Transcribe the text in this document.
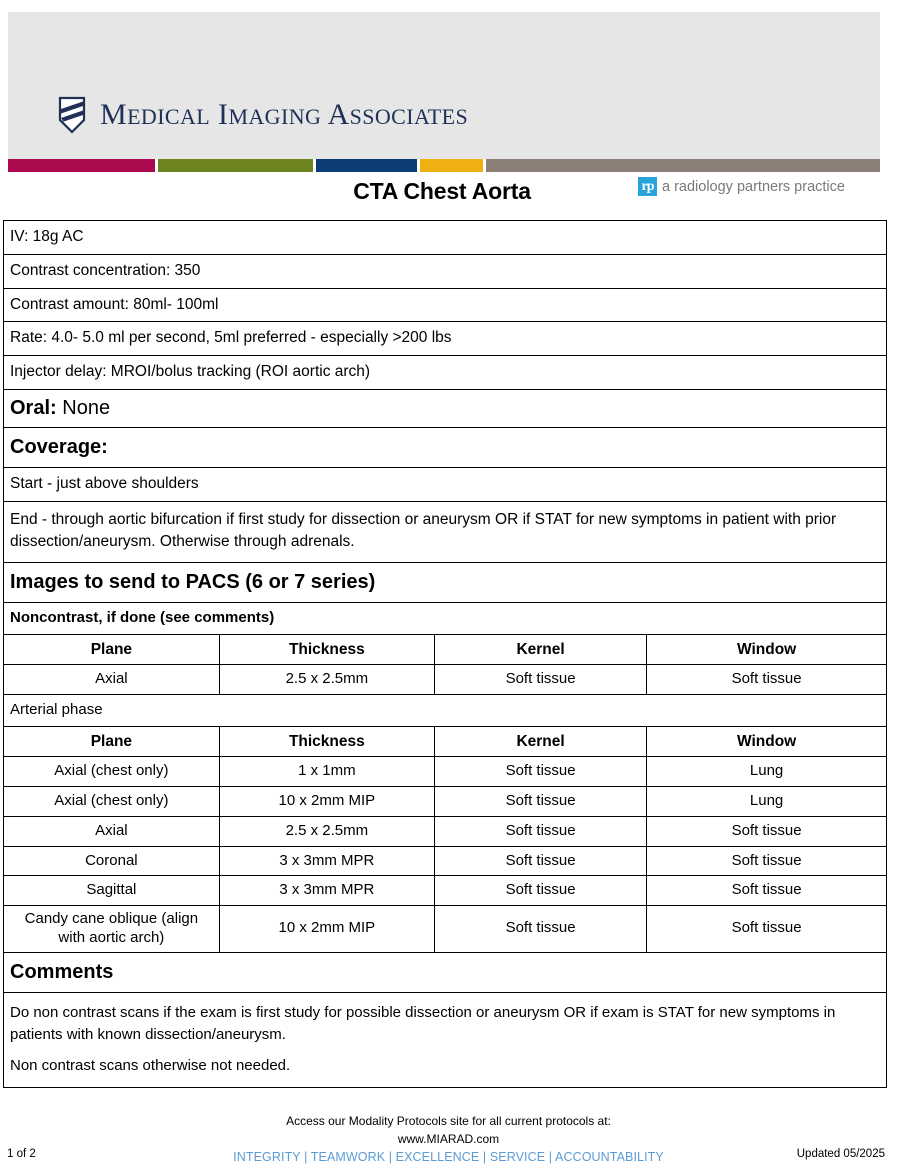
MEDICAL IMAGING ASSOCIATES
CTA Chest Aorta	rp a radiology partners practice
IV: 18g AC
Contrast concentration: 350
Contrast amount: 80ml- 100ml
Rate: 4.0- 5.0 ml per second, 5ml preferred - especially >200 lbs
Injector delay: MROI/bolus tracking (ROI aortic arch)
Oral: None
Coverage:
Start - just above shoulders
End - through aortic bifurcation if first study for dissection or aneurysm OR if STAT for new symptoms in patient with prior dissection/aneurysm. Otherwise through adrenals.
Images to send to PACS (6 or 7 series)
Noncontrast, if done (see comments)
Plane	Thickness	Kernel	Window
Axial	2.5 x 2.5mm	Soft tissue	Soft tissue
Arterial phase
Plane	Thickness	Kernel	Window
Axial (chest only)	1 x 1mm	Soft tissue	Lung
Axial (chest only)	10 x 2mm MIP	Soft tissue	Lung
Axial	2.5 x 2.5mm	Soft tissue	Soft tissue
Coronal	3 x 3mm MPR	Soft tissue	Soft tissue
Sagittal	3 x 3mm MPR	Soft tissue	Soft tissue
Candy cane oblique (align with aortic arch)	10 x 2mm MIP	Soft tissue	Soft tissue
Comments
Do non contrast scans if the exam is first study for possible dissection or aneurysm OR if exam is STAT for new symptoms in patients with known dissection/aneurysm.
Non contrast scans otherwise not needed.
Access our Modality Protocols site for all current protocols at:
www.MIARAD.com
INTEGRITY | TEAMWORK | EXCELLENCE | SERVICE | ACCOUNTABILITY
1 of 2	Updated 05/2025
